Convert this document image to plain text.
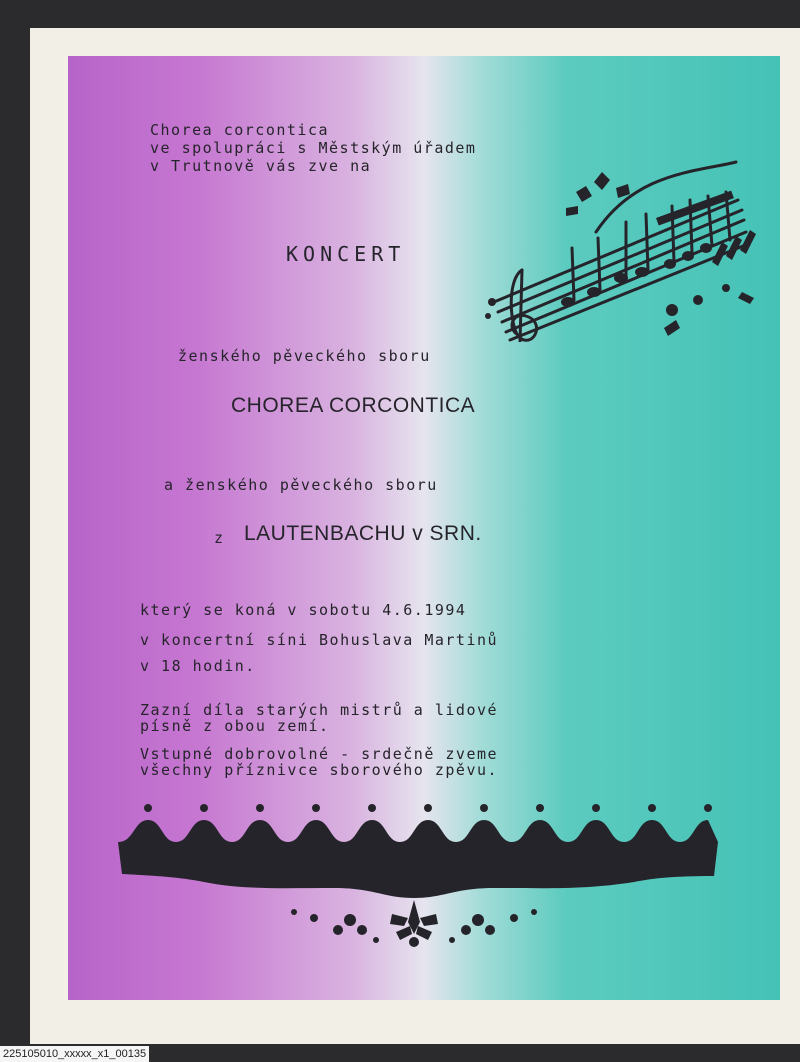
Chorea corcontica

ve spolupráci s Městským úřadem

v Trutnově vás zve na

KONCERT

ženského pěveckého sboru

CHOREA CORCONTICA

a ženského pěveckého sboru

z LAUTENBACHU v SRN.

který se koná v sobotu 4.6.1994

v koncertní síni Bohuslava Martinů

v 18 hodin.

Zazní díla starých mistrů a lidové

písně z obou zemí.

Vstupné dobrovolné - srdečně zveme

všechny příznivce sborového zpěvu.

225105010_xxxxx_x1_00135
